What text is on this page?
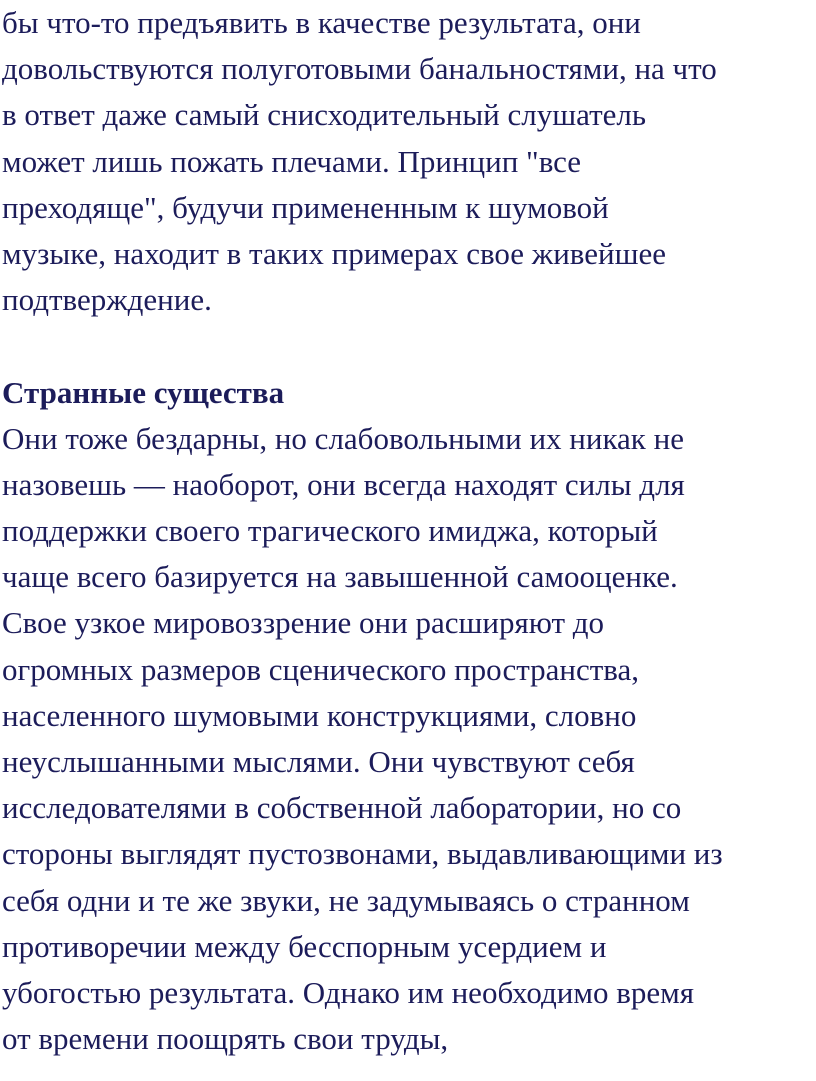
бы что-то предъявить в качестве результата, они
довольствуются полуготовыми банальностями, на что
в ответ даже самый снисходительный слушатель
может лишь пожать плечами. Принцип "все
преходяще", будучи примененным к шумовой
музыке, находит в таких примерах свое живейшее
подтверждение.
Странные существа
Они тоже бездарны, но слабовольными их никак не
назовешь — наоборот, они всегда находят силы для
поддержки своего трагического имиджа, который
чаще всего базируется на завышенной самооценке.
Свое узкое мировоззрение они расширяют до
огромных размеров сценического пространства,
населенного шумовыми конструкциями, словно
неуслышанными мыслями. Они чувствуют себя
исследователями в собственной лаборатории, но со
стороны выглядят пустозвонами, выдавливающими из
себя одни и те же звуки, не задумываясь о странном
противоречии между бесспорным усердием и
убогостью результата. Однако им необходимо время
от времени поощрять свои труды,
